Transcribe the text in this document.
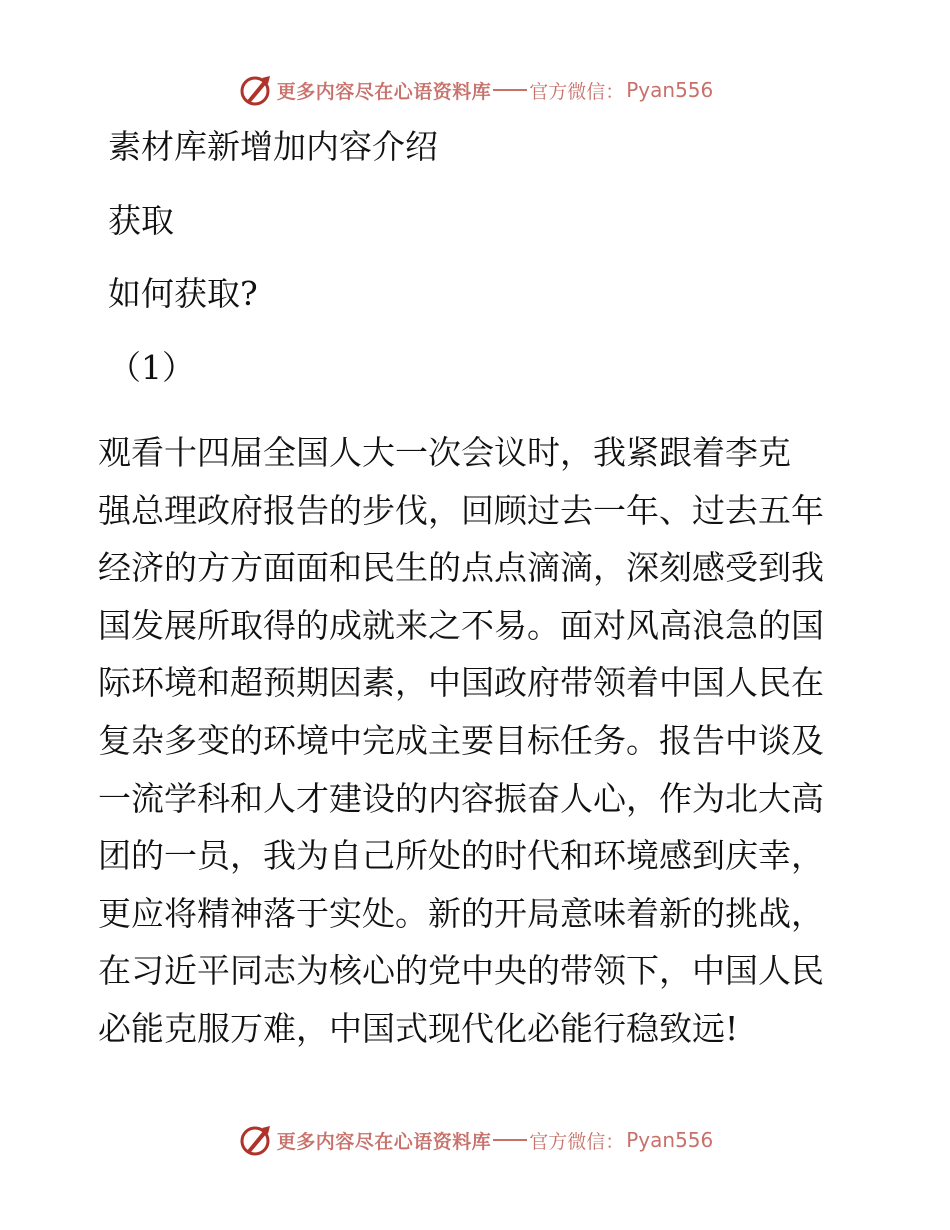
更多内容尽在心语资料库 官方微信： Pyan556
素材库新增加内容介绍
获取
如何获取?
（1）
观看十四届全国人大一次会议时，我紧跟着李克
强总理政府报告的步伐，回顾过去一年、过去五年
经济的方方面面和民生的点点滴滴，深刻感受到我
国发展所取得的成就来之不易。面对风高浪急的国
际环境和超预期因素，中国政府带领着中国人民在
复杂多变的环境中完成主要目标任务。报告中谈及
一流学科和人才建设的内容振奋人心，作为北大高
团的一员，我为自己所处的时代和环境感到庆幸，
更应将精神落于实处。新的开局意味着新的挑战，
在习近平同志为核心的党中央的带领下，中国人民
必能克服万难，中国式现代化必能行稳致远!
更多内容尽在心语资料库 官方微信： Pyan556
